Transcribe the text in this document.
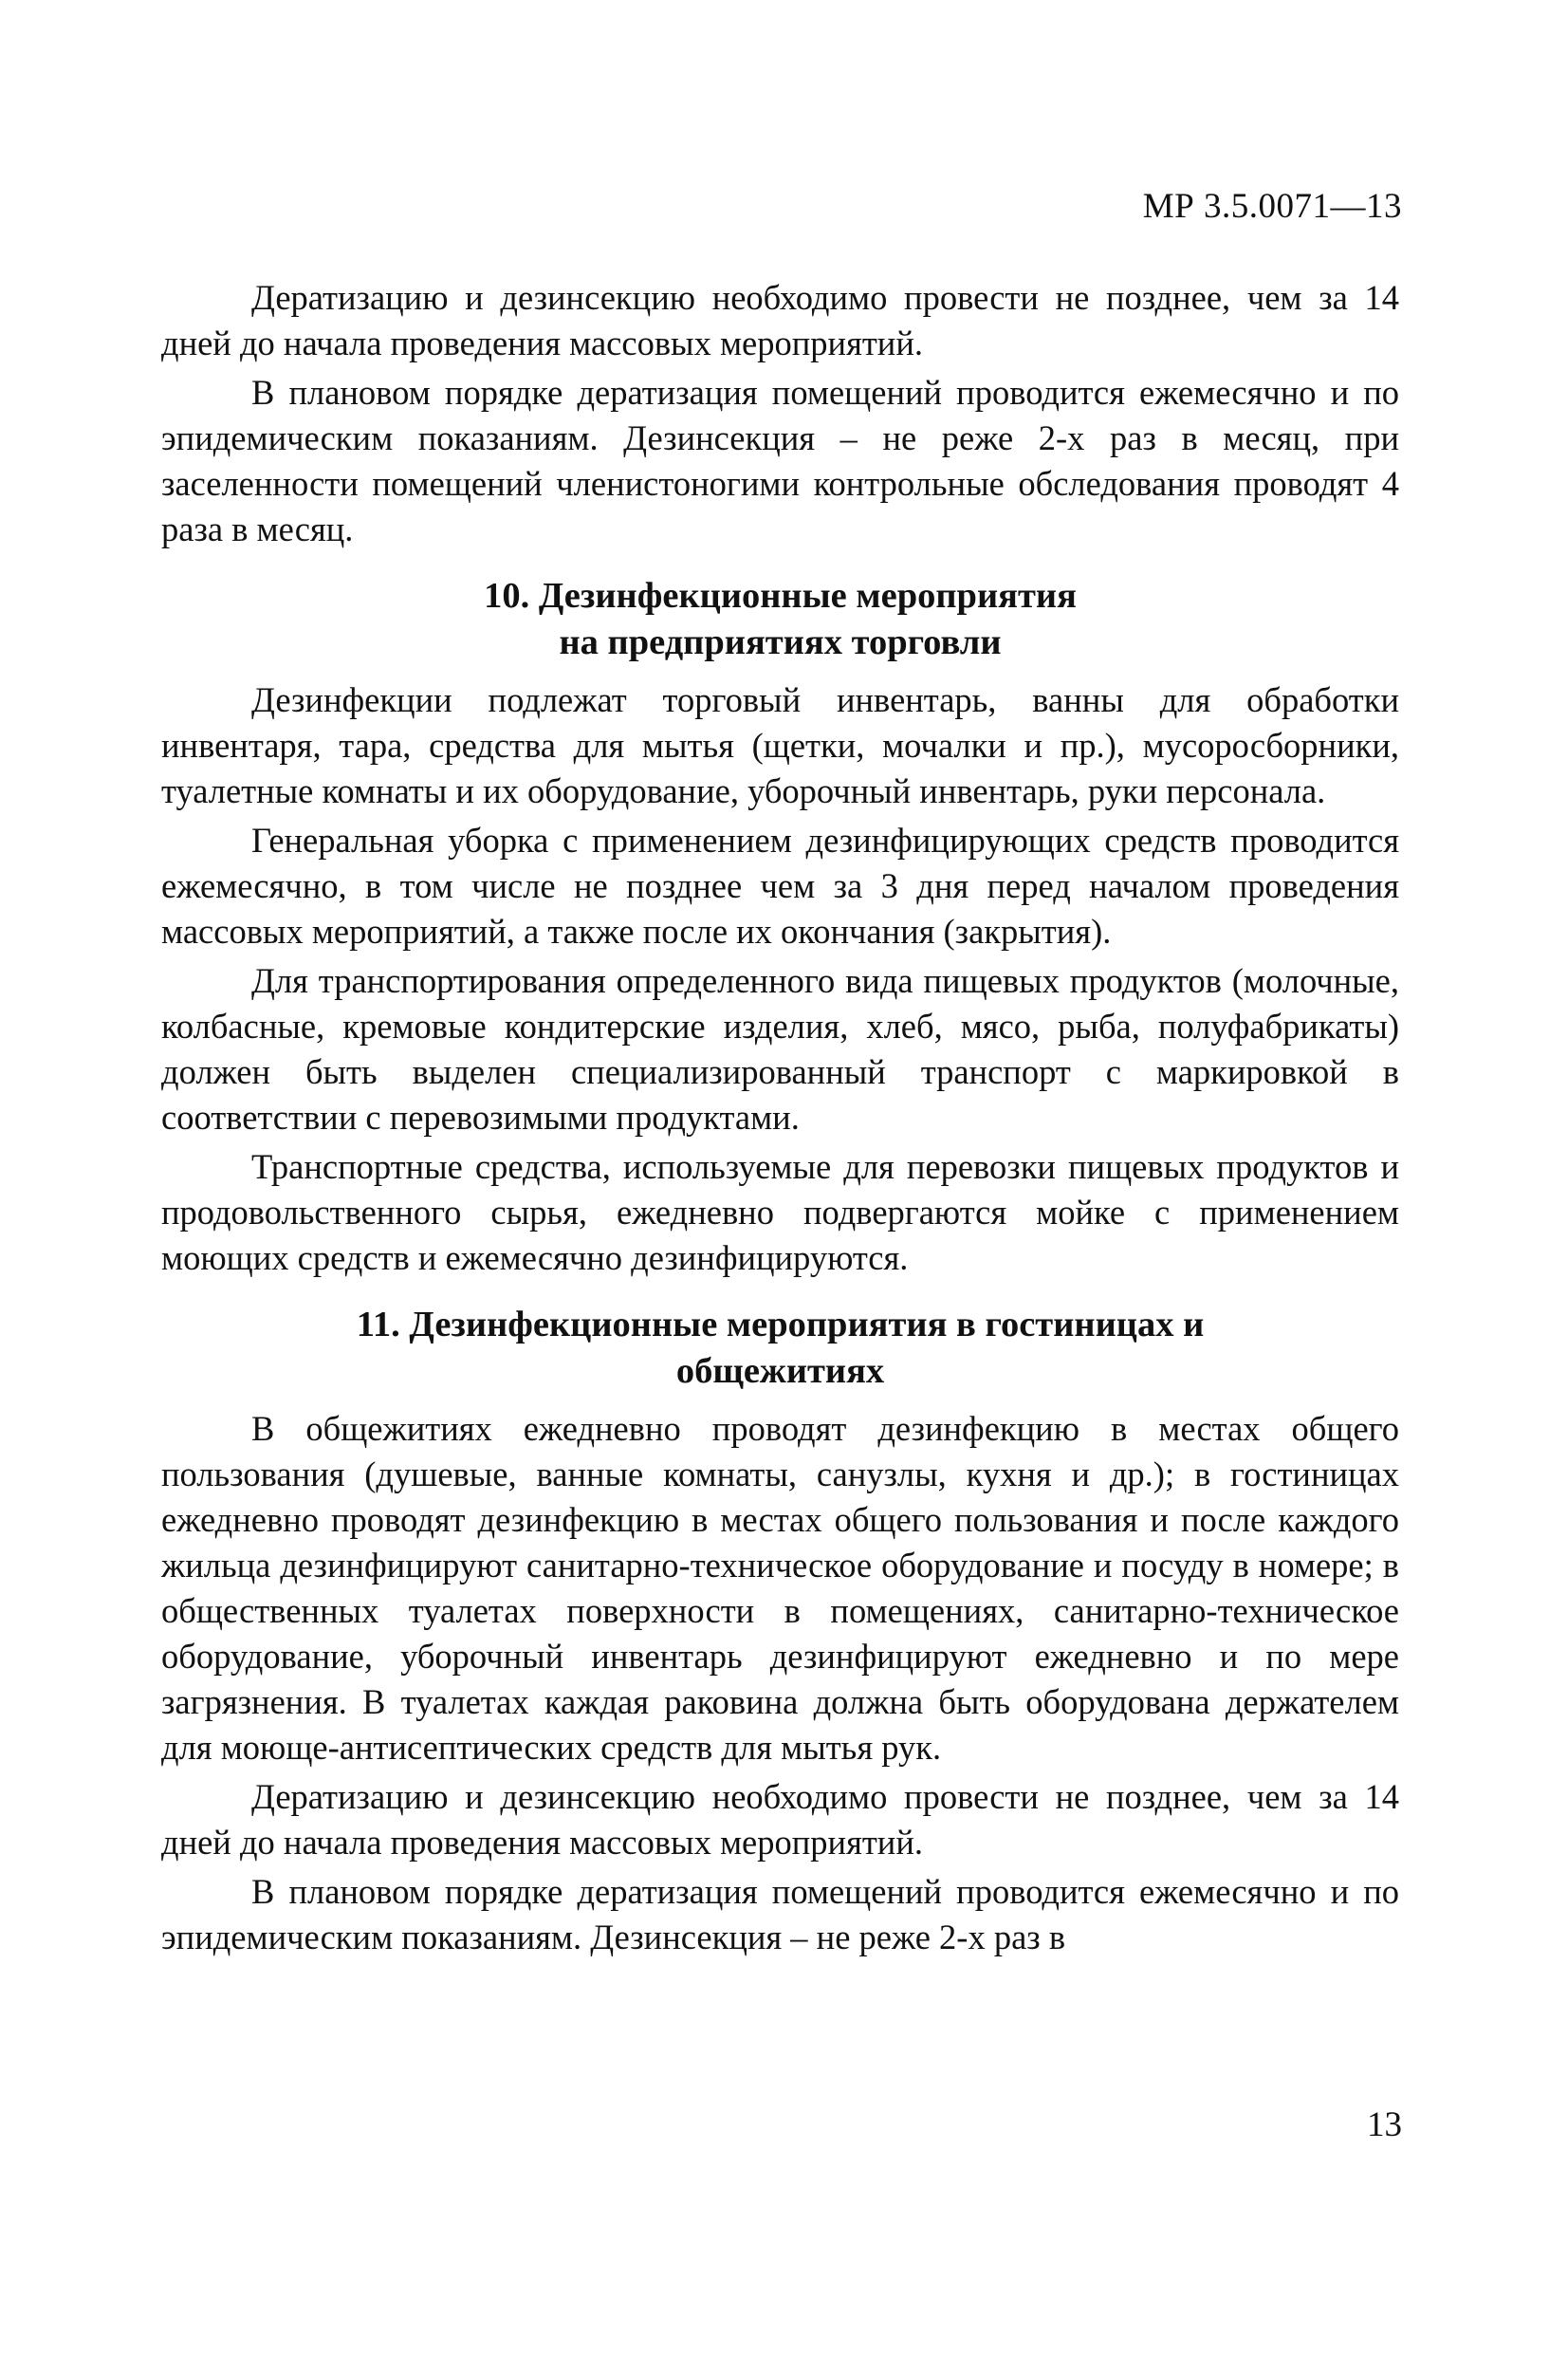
МР 3.5.0071—13

Дератизацию и дезинсекцию необходимо провести не позднее, чем за 14 дней до начала проведения массовых мероприятий.

В плановом порядке дератизация помещений проводится ежемесячно и по эпидемическим показаниям. Дезинсекция – не реже 2-х раз в месяц, при заселенности помещений членистоногими контрольные обследования проводят 4 раза в месяц.

10. Дезинфекционные мероприятия
на предприятиях торговли

Дезинфекции подлежат торговый инвентарь, ванны для обработки инвентаря, тара, средства для мытья (щетки, мочалки и пр.), мусоросборники, туалетные комнаты и их оборудование, уборочный инвентарь, руки персонала.

Генеральная уборка с применением дезинфицирующих средств проводится ежемесячно, в том числе не позднее чем за 3 дня перед началом проведения массовых мероприятий, а также после их окончания (закрытия).

Для транспортирования определенного вида пищевых продуктов (молочные, колбасные, кремовые кондитерские изделия, хлеб, мясо, рыба, полуфабрикаты) должен быть выделен специализированный транспорт с маркировкой в соответствии с перевозимыми продуктами.

Транспортные средства, используемые для перевозки пищевых продуктов и продовольственного сырья, ежедневно подвергаются мойке с применением моющих средств и ежемесячно дезинфицируются.

11. Дезинфекционные мероприятия в гостиницах и
общежитиях

В общежитиях ежедневно проводят дезинфекцию в местах общего пользования (душевые, ванные комнаты, санузлы, кухня и др.); в гостиницах ежедневно проводят дезинфекцию в местах общего пользования и после каждого жильца дезинфицируют санитарно-техническое оборудование и посуду в номере; в общественных туалетах поверхности в помещениях, санитарно-техническое оборудование, уборочный инвентарь дезинфицируют ежедневно и по мере загрязнения. В туалетах каждая раковина должна быть оборудована держателем для моюще-антисептических средств для мытья рук.

Дератизацию и дезинсекцию необходимо провести не позднее, чем за 14 дней до начала проведения массовых мероприятий.

В плановом порядке дератизация помещений проводится ежемесячно и по эпидемическим показаниям. Дезинсекция – не реже 2-х раз в

13
